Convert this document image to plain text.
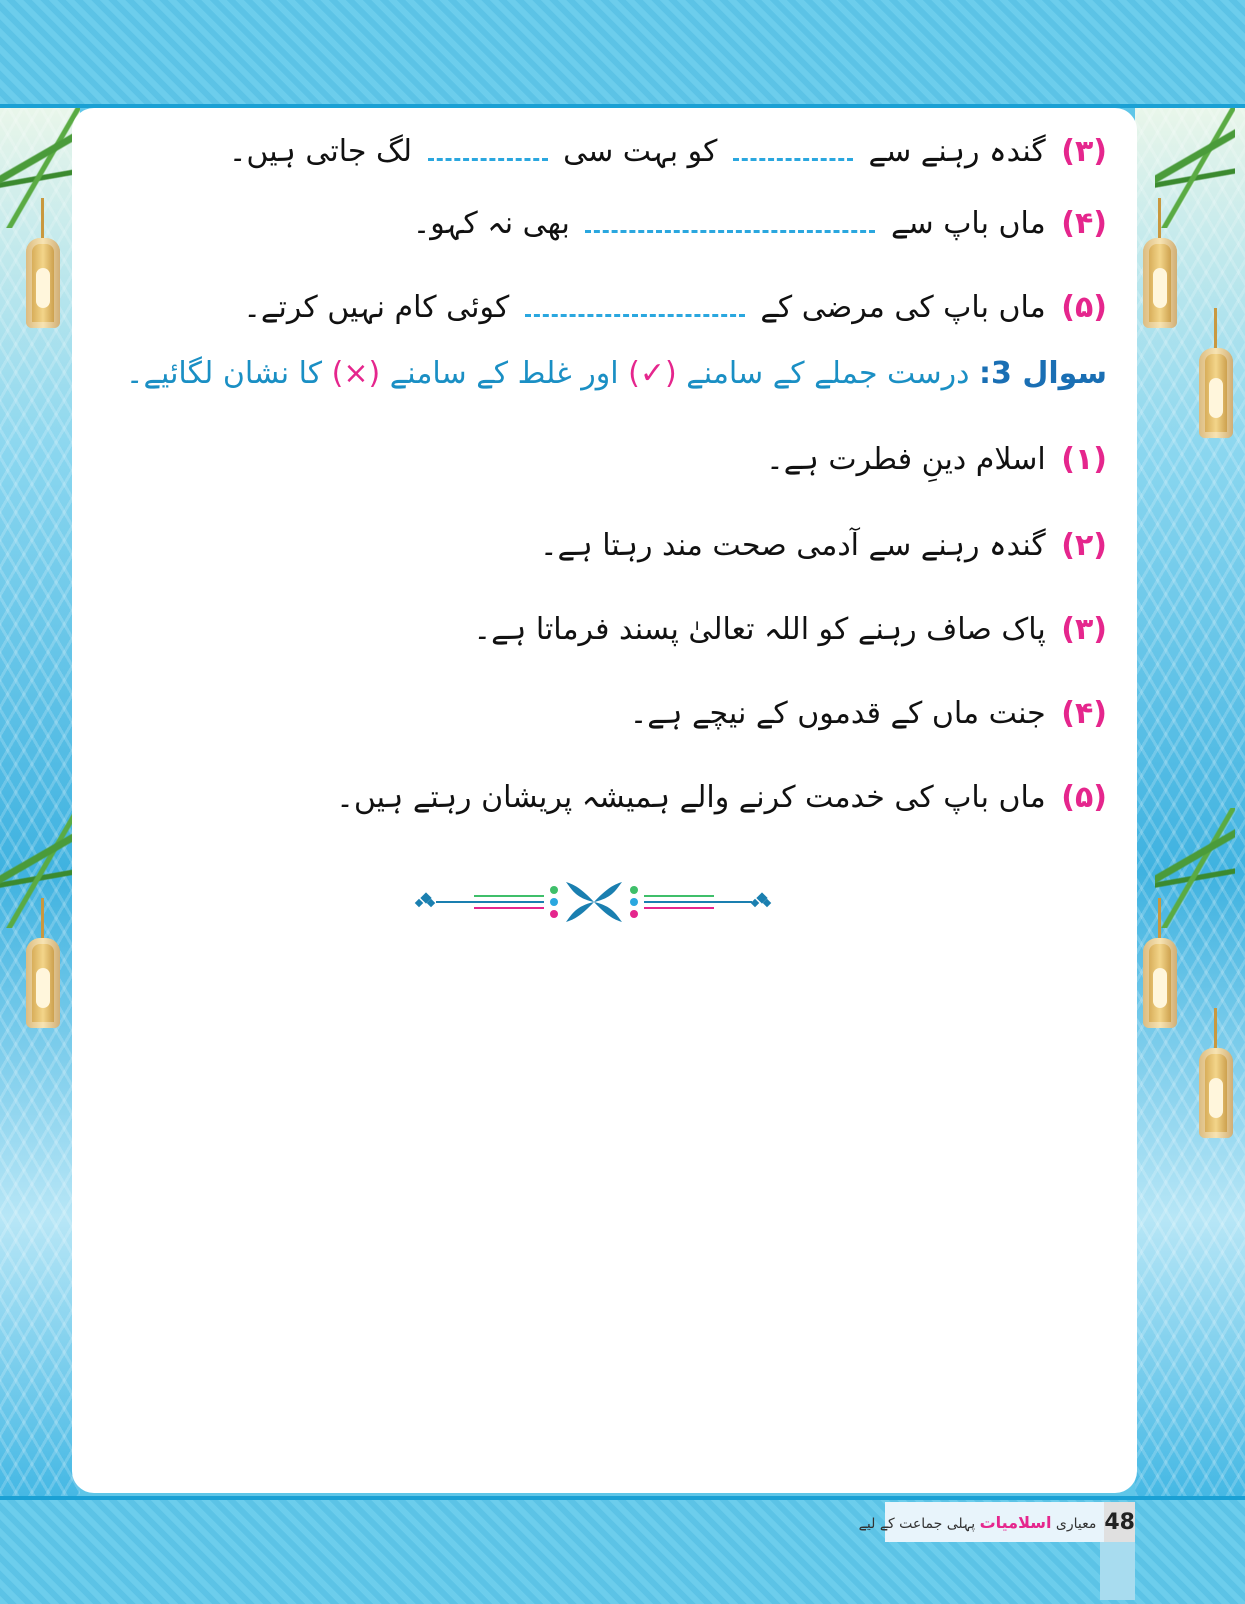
(۳) گندہ رہنے سے  کو بہت سی  لگ جاتی ہیں۔
(۴) ماں باپ سے  بھی نہ کہو۔
(۵) ماں باپ کی مرضی کے  کوئی کام نہیں کرتے۔
سوال 3: درست جملے کے سامنے (✓) اور غلط کے سامنے (×) کا نشان لگائیے۔
(۱) اسلام دینِ فطرت ہے۔
(۲) گندہ رہنے سے آدمی صحت مند رہتا ہے۔
(۳) پاک صاف رہنے کو اللہ تعالیٰ پسند فرماتا ہے۔
(۴) جنت ماں کے قدموں کے نیچے ہے۔
(۵) ماں باپ کی خدمت کرنے والے ہمیشہ پریشان رہتے ہیں۔
معیاری اسلامیات پہلی جماعت کے لیے	48
